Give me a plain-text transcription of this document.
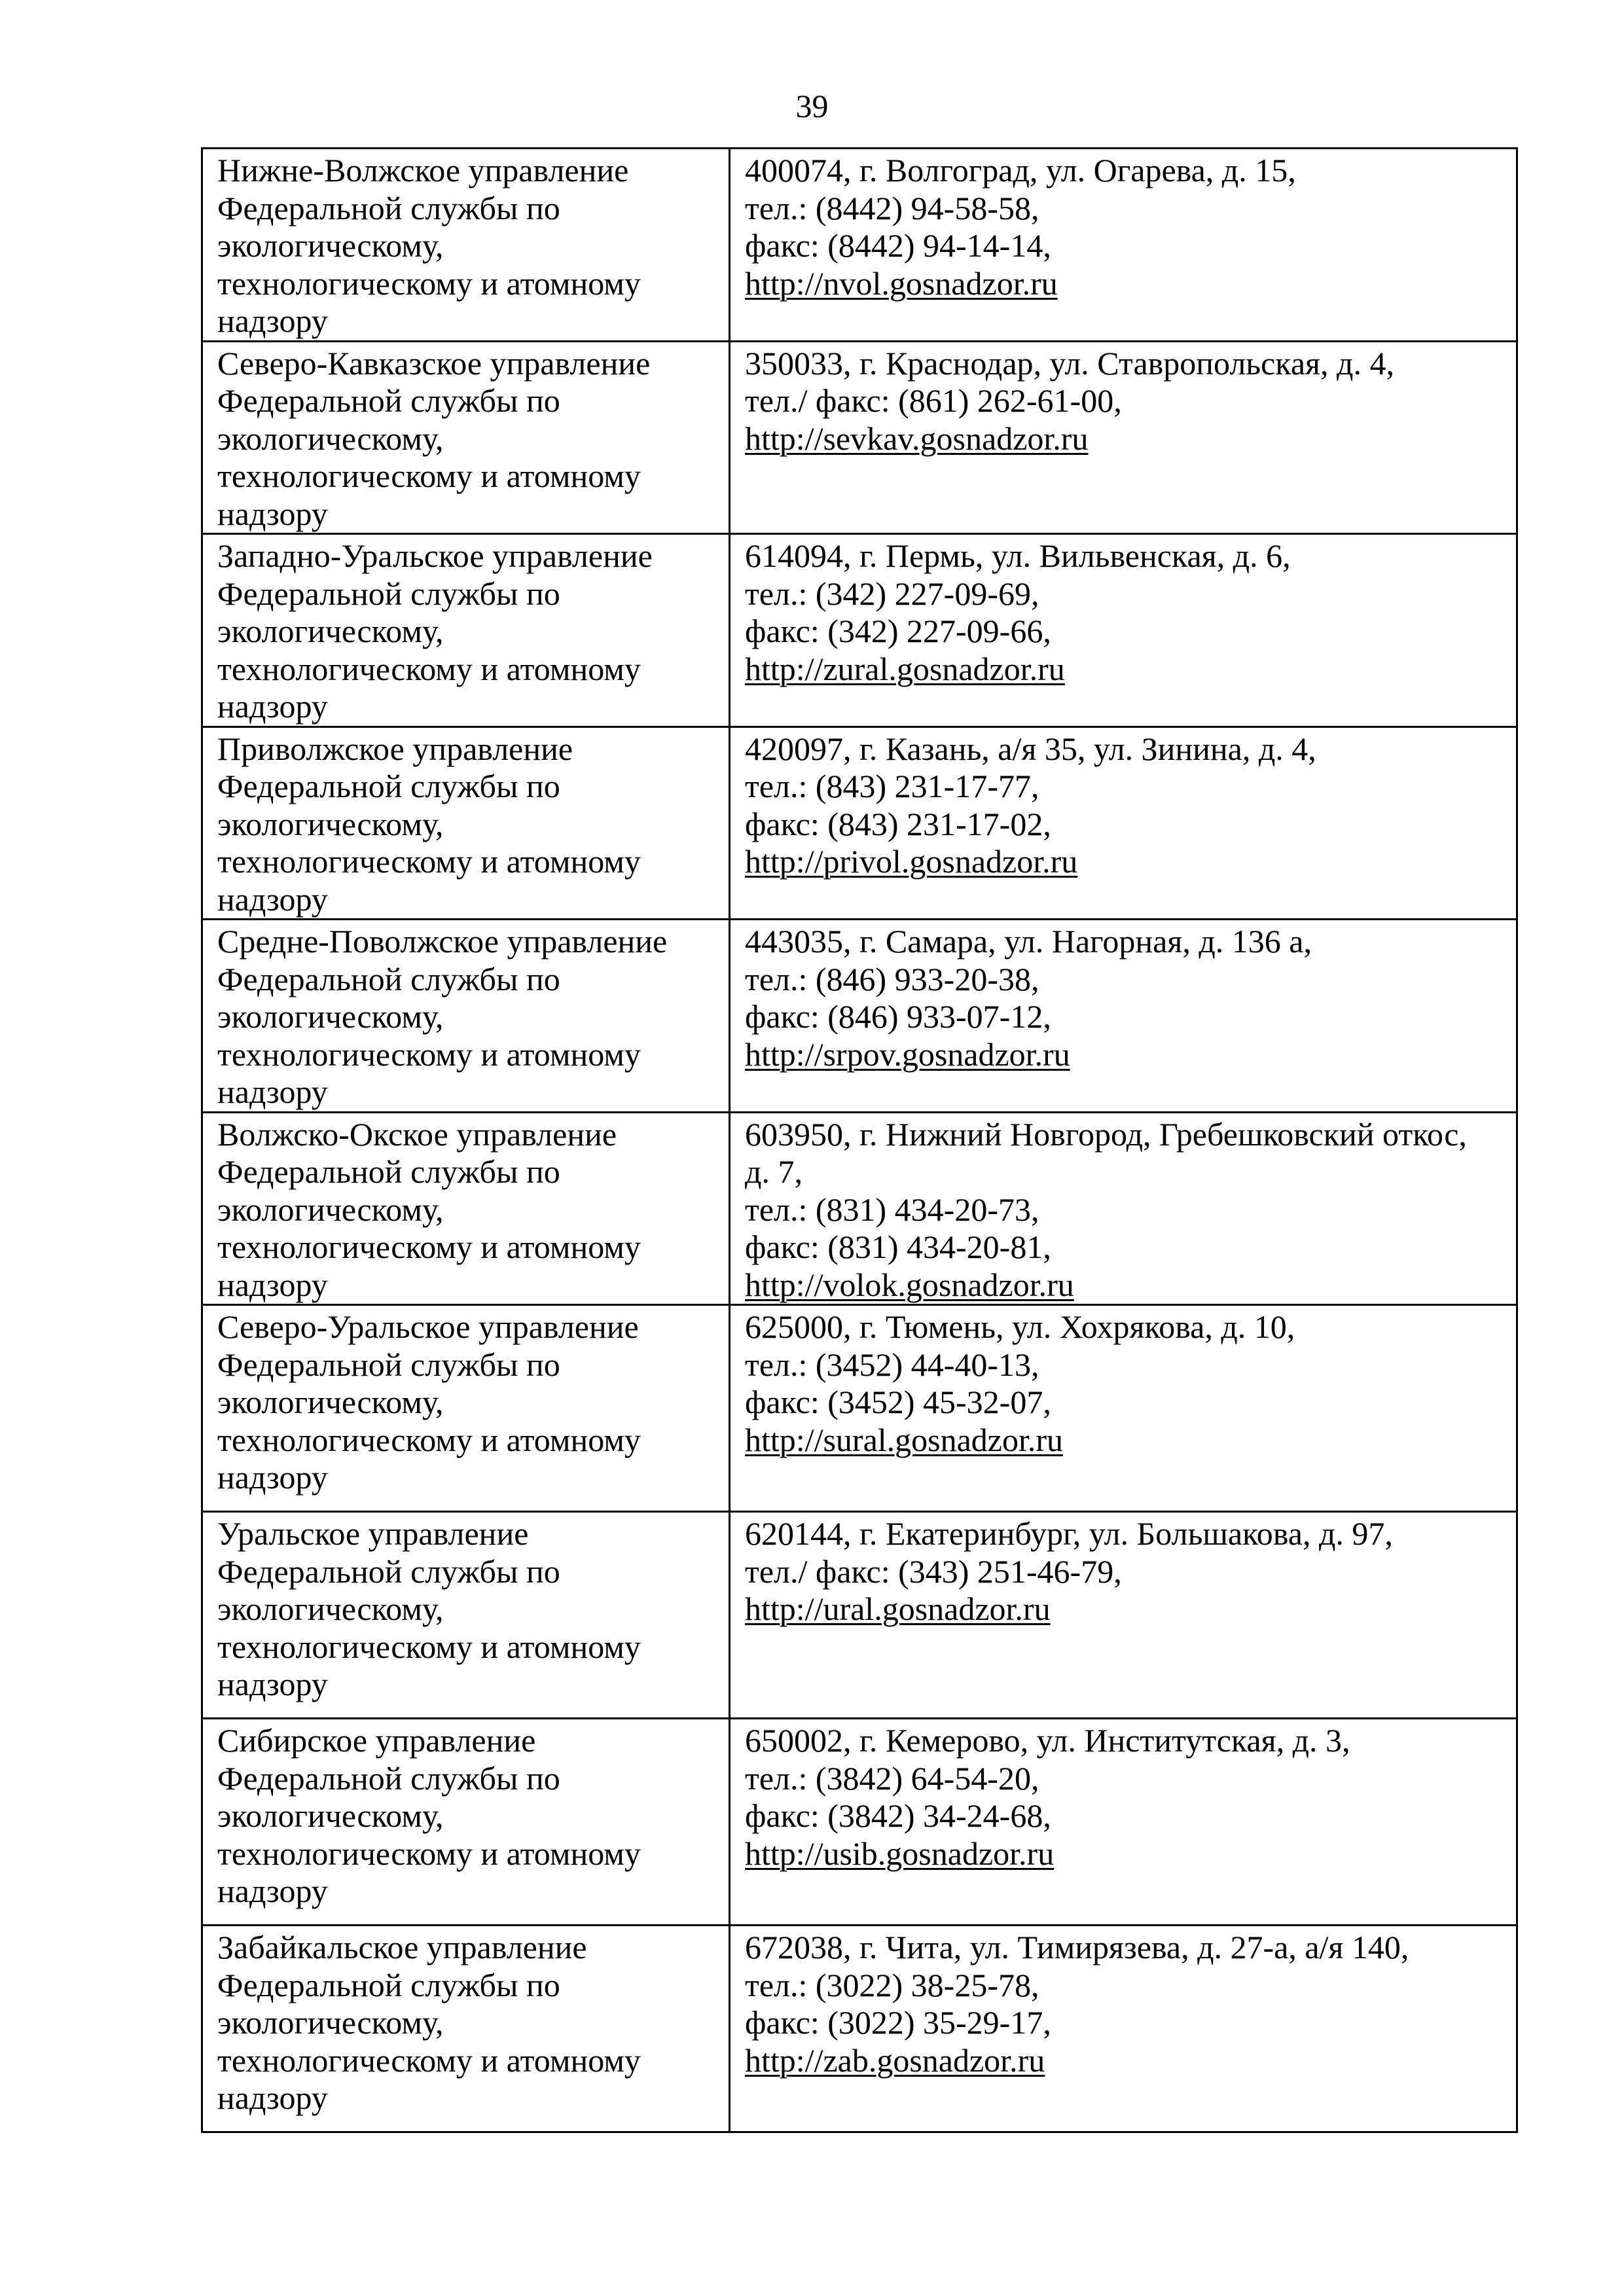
39
Нижне-Волжское управление
Федеральной службы по
экологическому,
технологическому и атомному
надзору	400074, г. Волгоград, ул. Огарева, д. 15,
тел.: (8442) 94-58-58,
факс: (8442) 94-14-14,
http://nvol.gosnadzor.ru

Северо-Кавказское управление
Федеральной службы по
экологическому,
технологическому и атомному
надзору	350033, г. Краснодар, ул. Ставропольская, д. 4,
тел./ факс: (861) 262-61-00,
http://sevkav.gosnadzor.ru

Западно-Уральское управление
Федеральной службы по
экологическому,
технологическому и атомному
надзору	614094, г. Пермь, ул. Вильвенская, д. 6,
тел.: (342) 227-09-69,
факс: (342) 227-09-66,
http://zural.gosnadzor.ru

Приволжское управление
Федеральной службы по
экологическому,
технологическому и атомному
надзору	420097, г. Казань, а/я 35, ул. Зинина, д. 4,
тел.: (843) 231-17-77,
факс: (843) 231-17-02,
http://privol.gosnadzor.ru

Средне-Поволжское управление
Федеральной службы по
экологическому,
технологическому и атомному
надзору	443035, г. Самара, ул. Нагорная, д. 136 а,
тел.: (846) 933-20-38,
факс: (846) 933-07-12,
http://srpov.gosnadzor.ru

Волжско-Окское управление
Федеральной службы по
экологическому,
технологическому и атомному
надзору	603950, г. Нижний Новгород, Гребешковский откос,
д. 7,
тел.: (831) 434-20-73,
факс: (831) 434-20-81,
http://volok.gosnadzor.ru

Северо-Уральское управление
Федеральной службы по
экологическому,
технологическому и атомному
надзору	625000, г. Тюмень, ул. Хохрякова, д. 10,
тел.: (3452) 44-40-13,
факс: (3452) 45-32-07,
http://sural.gosnadzor.ru

Уральское управление
Федеральной службы по
экологическому,
технологическому и атомному
надзору	620144, г. Екатеринбург, ул. Большакова, д. 97,
тел./ факс: (343) 251-46-79,
http://ural.gosnadzor.ru

Сибирское управление
Федеральной службы по
экологическому,
технологическому и атомному
надзору	650002, г. Кемерово, ул. Институтская, д. 3,
тел.: (3842) 64-54-20,
факс: (3842) 34-24-68,
http://usib.gosnadzor.ru

Забайкальское управление
Федеральной службы по
экологическому,
технологическому и атомному
надзору	672038, г. Чита, ул. Тимирязева, д. 27-а, а/я 140,
тел.: (3022) 38-25-78,
факс: (3022) 35-29-17,
http://zab.gosnadzor.ru
